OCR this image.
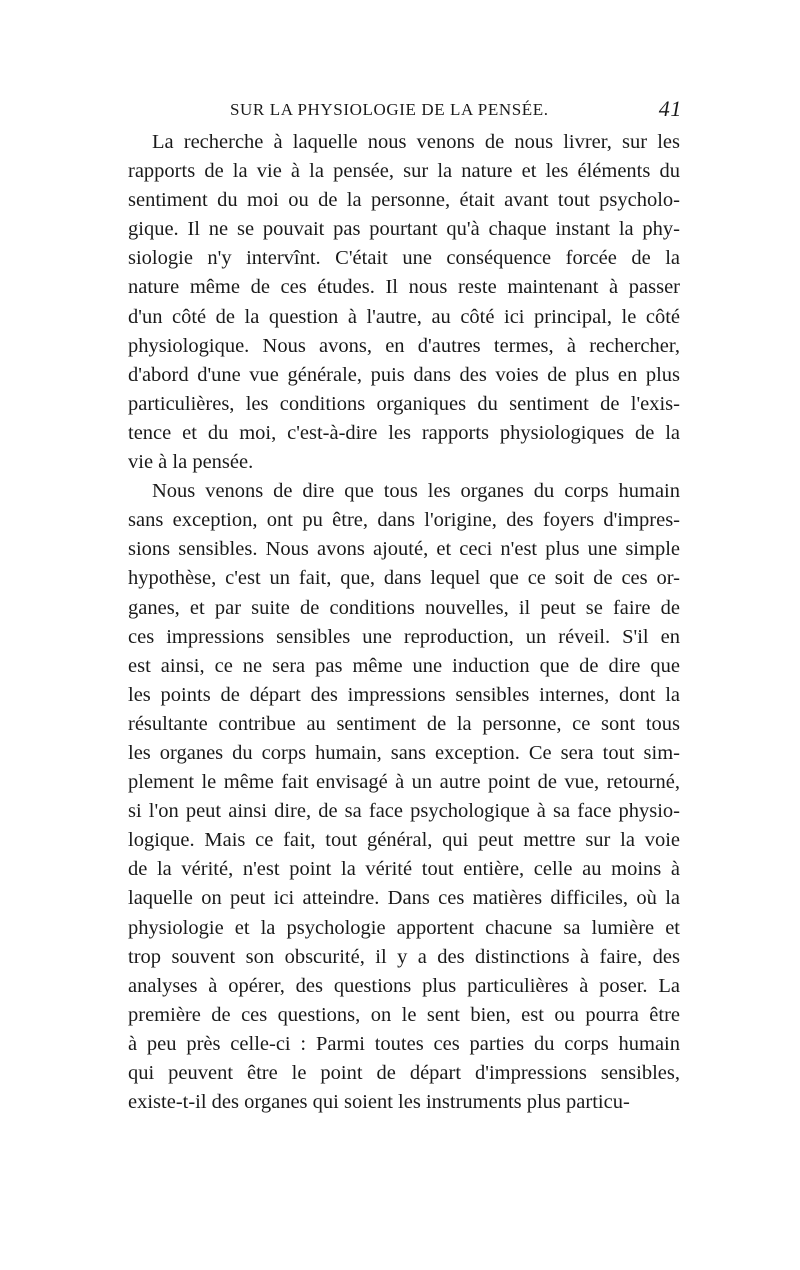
SUR LA PHYSIOLOGIE DE LA PENSÉE.	41
La recherche à laquelle nous venons de nous livrer, sur les
rapports de la vie à la pensée, sur la nature et les éléments du
sentiment du moi ou de la personne, était avant tout psycholo-
gique. Il ne se pouvait pas pourtant qu'à chaque instant la phy-
siologie n'y intervînt. C'était une conséquence forcée de la
nature même de ces études. Il nous reste maintenant à passer
d'un côté de la question à l'autre, au côté ici principal, le côté
physiologique. Nous avons, en d'autres termes, à rechercher,
d'abord d'une vue générale, puis dans des voies de plus en plus
particulières, les conditions organiques du sentiment de l'exis-
tence et du moi, c'est-à-dire les rapports physiologiques de la
vie à la pensée.
Nous venons de dire que tous les organes du corps humain
sans exception, ont pu être, dans l'origine, des foyers d'impres-
sions sensibles. Nous avons ajouté, et ceci n'est plus une simple
hypothèse, c'est un fait, que, dans lequel que ce soit de ces or-
ganes, et par suite de conditions nouvelles, il peut se faire de
ces impressions sensibles une reproduction, un réveil. S'il en
est ainsi, ce ne sera pas même une induction que de dire que
les points de départ des impressions sensibles internes, dont la
résultante contribue au sentiment de la personne, ce sont tous
les organes du corps humain, sans exception. Ce sera tout sim-
plement le même fait envisagé à un autre point de vue, retourné,
si l'on peut ainsi dire, de sa face psychologique à sa face physio-
logique. Mais ce fait, tout général, qui peut mettre sur la voie
de la vérité, n'est point la vérité tout entière, celle au moins à
laquelle on peut ici atteindre. Dans ces matières difficiles, où la
physiologie et la psychologie apportent chacune sa lumière et
trop souvent son obscurité, il y a des distinctions à faire, des
analyses à opérer, des questions plus particulières à poser. La
première de ces questions, on le sent bien, est ou pourra être
à peu près celle-ci : Parmi toutes ces parties du corps humain
qui peuvent être le point de départ d'impressions sensibles,
existe-t-il des organes qui soient les instruments plus particu-
